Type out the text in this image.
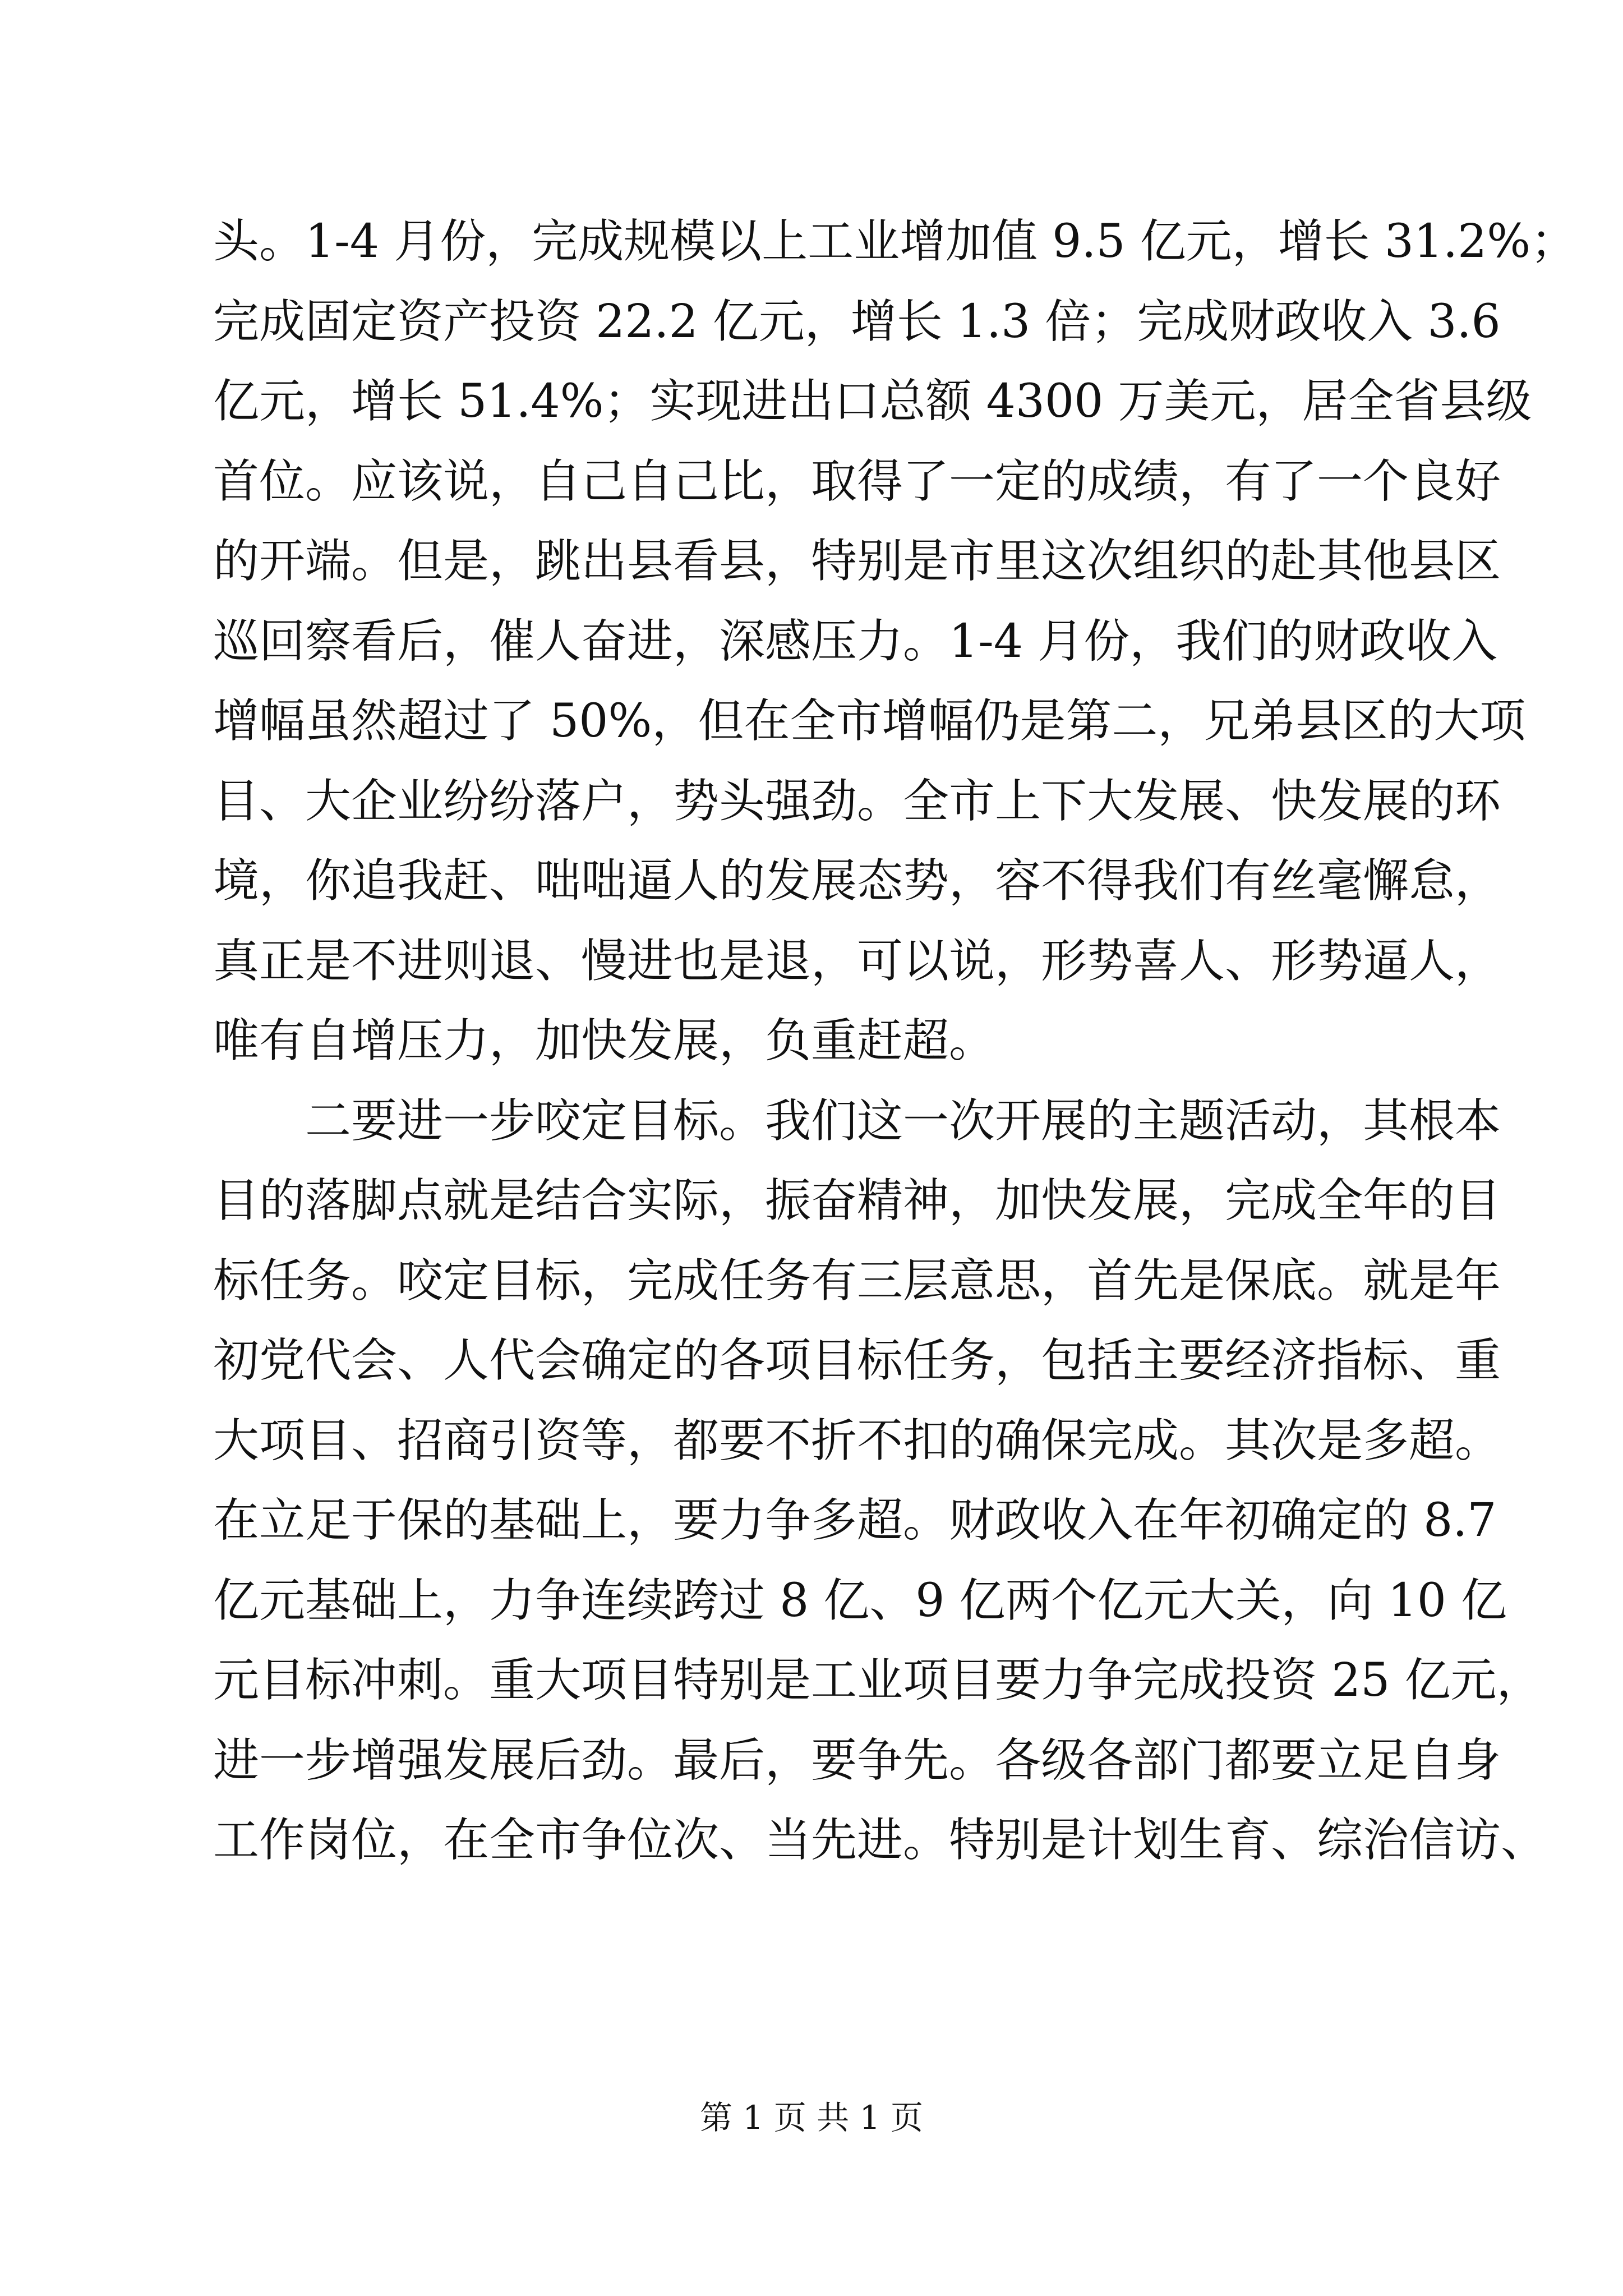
头。1-4 月份，完成规模以上工业增加值 9.5 亿元，增长 31.2%；
完成固定资产投资 22.2 亿元，增长 1.3 倍；完成财政收入 3.6
亿元，增长 51.4%；实现进出口总额 4300 万美元，居全省县级
首位。应该说，自己自己比，取得了一定的成绩，有了一个良好
的开端。但是，跳出县看县，特别是市里这次组织的赴其他县区
巡回察看后，催人奋进，深感压力。1-4 月份，我们的财政收入
增幅虽然超过了 50%，但在全市增幅仍是第二，兄弟县区的大项
目、大企业纷纷落户，势头强劲。全市上下大发展、快发展的环
境，你追我赶、咄咄逼人的发展态势，容不得我们有丝毫懈怠，
真正是不进则退、慢进也是退，可以说，形势喜人、形势逼人，
唯有自增压力，加快发展，负重赶超。
二要进一步咬定目标。我们这一次开展的主题活动，其根本
目的落脚点就是结合实际，振奋精神，加快发展，完成全年的目
标任务。咬定目标，完成任务有三层意思，首先是保底。就是年
初党代会、人代会确定的各项目标任务，包括主要经济指标、重
大项目、招商引资等，都要不折不扣的确保完成。其次是多超。
在立足于保的基础上，要力争多超。财政收入在年初确定的 8.7
亿元基础上，力争连续跨过 8 亿、9 亿两个亿元大关，向 10 亿
元目标冲刺。重大项目特别是工业项目要力争完成投资 25 亿元，
进一步增强发展后劲。最后，要争先。各级各部门都要立足自身
工作岗位，在全市争位次、当先进。特别是计划生育、综治信访、
第 1 页 共 1 页
